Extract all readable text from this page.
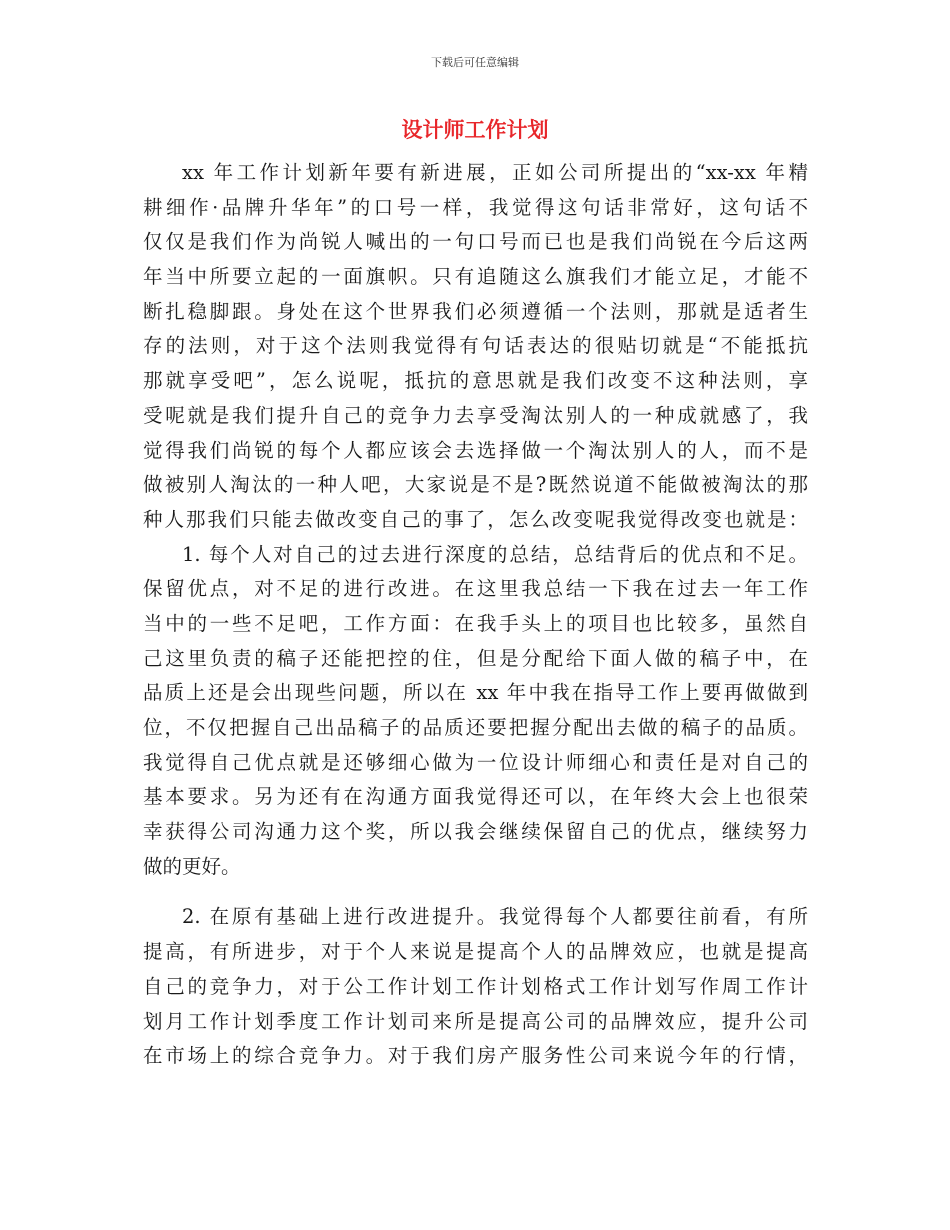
下载后可任意编辑
设计师工作计划
xx 年工作计划新年要有新进展，正如公司所提出的“xx-xx 年精
耕细作·品牌升华年”的口号一样，我觉得这句话非常好，这句话不
仅仅是我们作为尚锐人喊出的一句口号而已也是我们尚锐在今后这两
年当中所要立起的一面旗帜。只有追随这么旗我们才能立足，才能不
断扎稳脚跟。身处在这个世界我们必须遵循一个法则，那就是适者生
存的法则，对于这个法则我觉得有句话表达的很贴切就是“不能抵抗
那就享受吧”，怎么说呢，抵抗的意思就是我们改变不这种法则，享
受呢就是我们提升自己的竞争力去享受淘汰别人的一种成就感了，我
觉得我们尚锐的每个人都应该会去选择做一个淘汰别人的人，而不是
做被别人淘汰的一种人吧，大家说是不是?既然说道不能做被淘汰的那
种人那我们只能去做改变自己的事了，怎么改变呢我觉得改变也就是：
1. 每个人对自己的过去进行深度的总结，总结背后的优点和不足。
保留优点，对不足的进行改进。在这里我总结一下我在过去一年工作
当中的一些不足吧，工作方面：在我手头上的项目也比较多，虽然自
己这里负责的稿子还能把控的住，但是分配给下面人做的稿子中，在
品质上还是会出现些问题，所以在 xx 年中我在指导工作上要再做做到
位，不仅把握自己出品稿子的品质还要把握分配出去做的稿子的品质。
我觉得自己优点就是还够细心做为一位设计师细心和责任是对自己的
基本要求。另为还有在沟通方面我觉得还可以，在年终大会上也很荣
幸获得公司沟通力这个奖，所以我会继续保留自己的优点，继续努力
做的更好。
2. 在原有基础上进行改进提升。我觉得每个人都要往前看，有所
提高，有所进步，对于个人来说是提高个人的品牌效应，也就是提高
自己的竞争力，对于公工作计划工作计划格式工作计划写作周工作计
划月工作计划季度工作计划司来所是提高公司的品牌效应，提升公司
在市场上的综合竞争力。对于我们房产服务性公司来说今年的行情，
